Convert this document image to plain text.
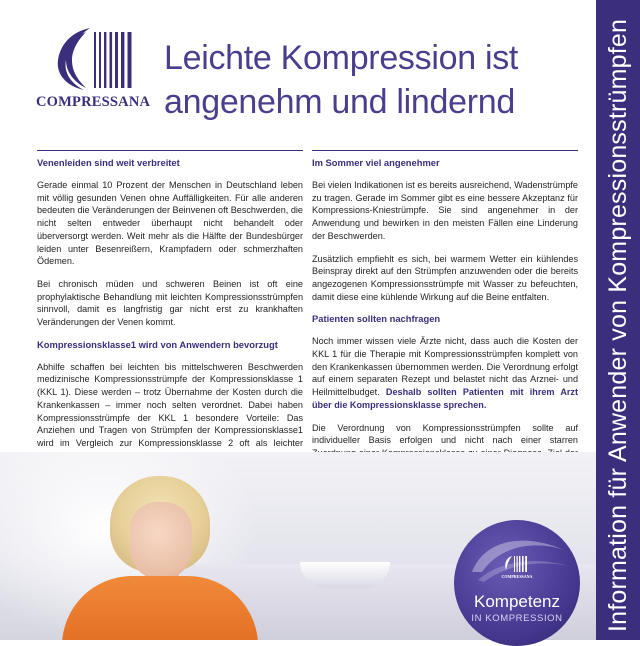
COMPRESSANA
Leichte Kompression ist
angenehm und lindernd
Venenleiden sind weit verbreitet

Gerade einmal 10 Prozent der Menschen in Deutschland leben mit völlig gesunden Venen ohne Auffälligkeiten. Für alle anderen bedeuten die Veränderungen der Beinvenen oft Beschwerden, die nicht selten entweder überhaupt nicht behandelt oder überversorgt werden. Weit mehr als die Hälfte der Bundesbürger leiden unter Besenreißern, Krampfadern oder schmerzhaften Ödemen.

Bei chronisch müden und schweren Beinen ist oft eine prophylaktische Behandlung mit leichten Kompressionsstrümpfen sinnvoll, damit es langfristig gar nicht erst zu krankhaften Veränderungen der Venen kommt.

Kompressionsklasse1 wird von Anwendern bevorzugt

Abhilfe schaffen bei leichten bis mittelschweren Beschwerden medizinische Kompressionsstrümpfe der Kompressionsklasse 1 (KKL 1). Diese werden – trotz Übernahme der Kosten durch die Krankenkassen – immer noch selten verordnet. Dabei haben Kompressionsstrümpfe der KKL 1 besondere Vorteile: Das Anziehen und Tragen von Strümpfen der Kompressionsklasse1 wird im Vergleich zur Kompressionsklasse 2 oft als leichter

Im Sommer viel angenehmer

Bei vielen Indikationen ist es bereits ausreichend, Wadenstrümpfe zu tragen. Gerade im Sommer gibt es eine bessere Akzeptanz für Kompressions-Kniestrümpfe. Sie sind angenehmer in der Anwendung und bewirken in den meisten Fällen eine Linderung der Beschwerden.

Zusätzlich empfiehlt es sich, bei warmem Wetter ein kühlendes Beinspray direkt auf den Strümpfen anzuwenden oder die bereits angezogenen Kompressionsstrümpfe mit Wasser zu befeuchten, damit diese eine kühlende Wirkung auf die Beine entfalten.

Patienten sollten nachfragen

Noch immer wissen viele Ärzte nicht, dass auch die Kosten der KKL 1 für die Therapie mit Kompressionsstrümpfen komplett von den Krankenkassen übernommen werden. Die Verordnung erfolgt auf einem separaten Rezept und belastet nicht das Arznei- und Heilmittelbudget. Deshalb sollten Patienten mit ihrem Arzt über die Kompressionsklasse sprechen.

Die Verordnung von Kompressionsstrümpfen sollte auf individueller Basis erfolgen und nicht nach einer starren

COMPRESSANA
Kompetenz
IN KOMPRESSION	Information für Anwender von Kompressionsstrümpfen
